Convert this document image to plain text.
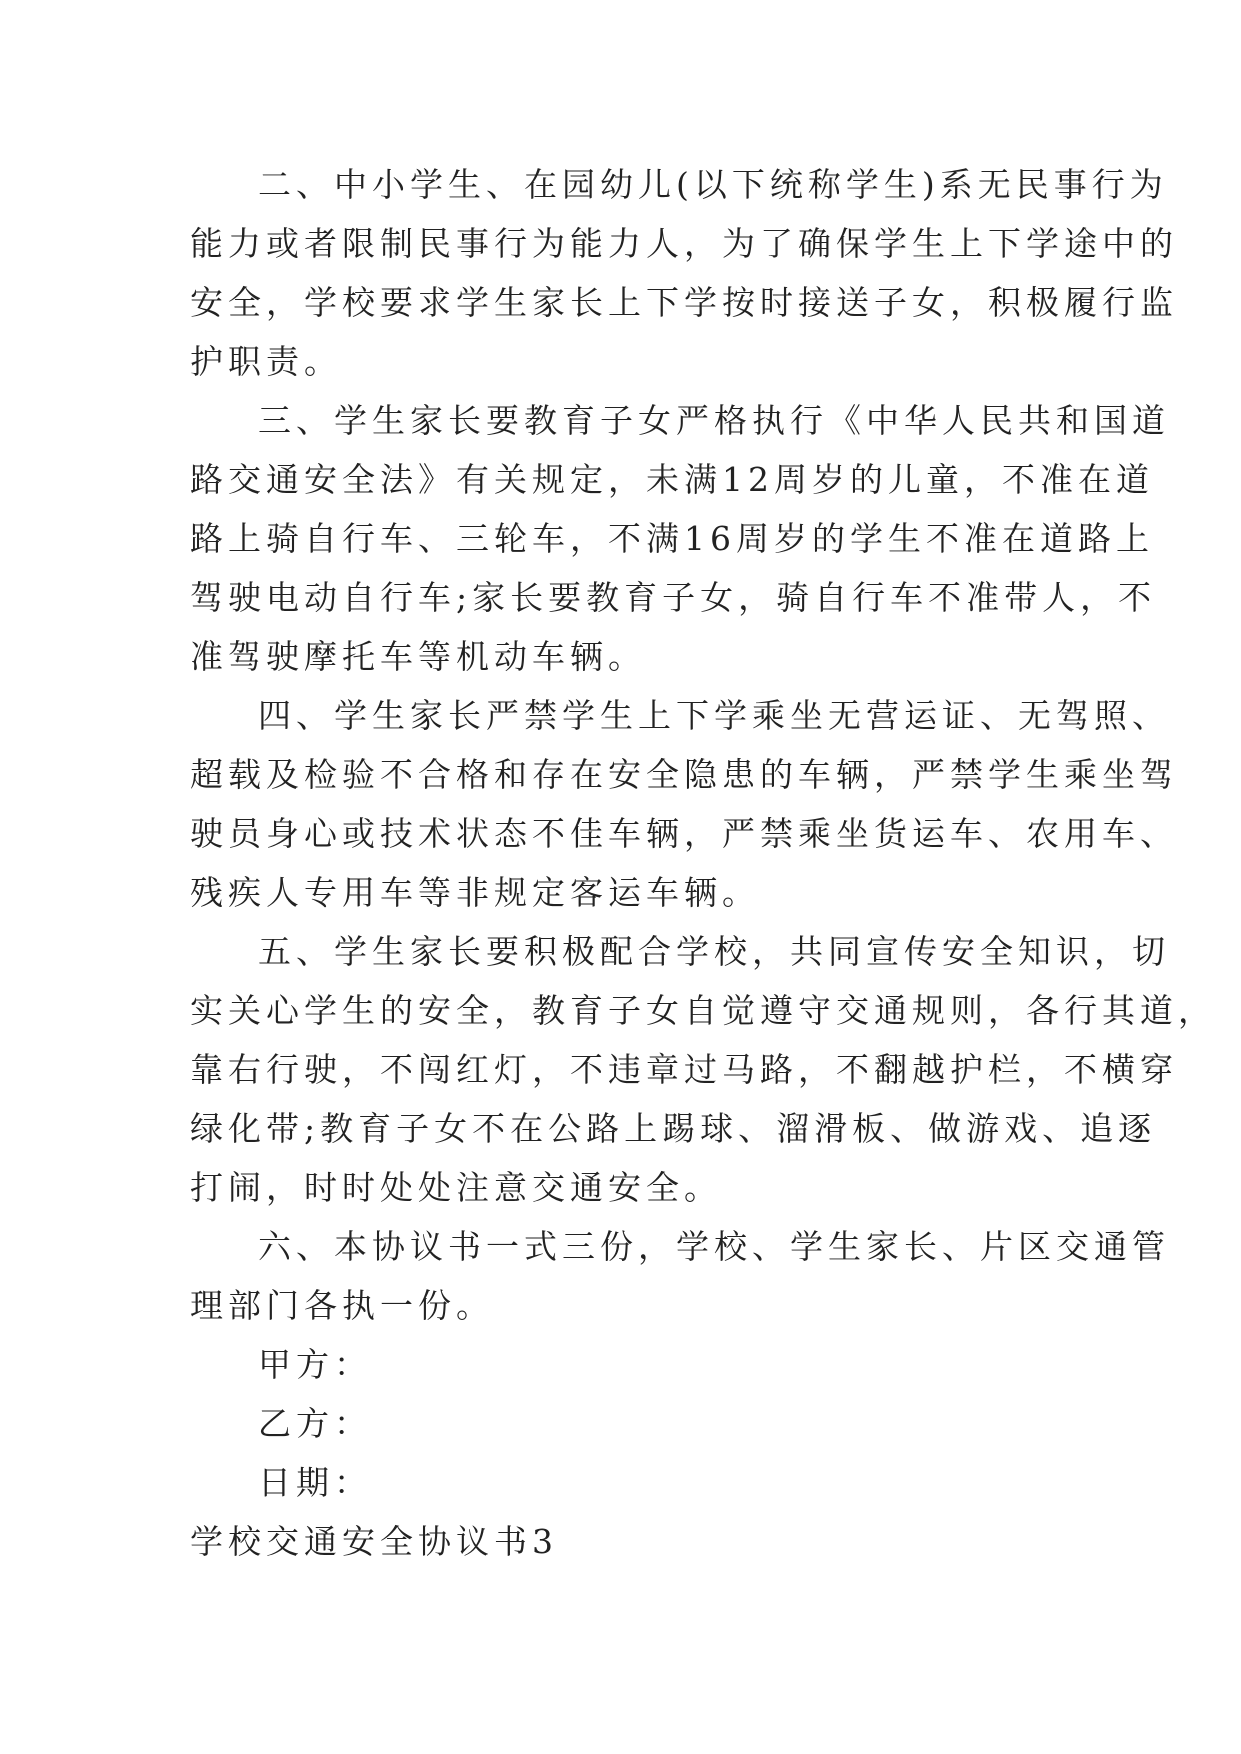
二、中小学生、在园幼儿(以下统称学生)系无民事行为
能力或者限制民事行为能力人，为了确保学生上下学途中的
安全，学校要求学生家长上下学按时接送子女，积极履行监
护职责。
三、学生家长要教育子女严格执行《中华人民共和国道
路交通安全法》有关规定，未满12周岁的儿童，不准在道
路上骑自行车、三轮车，不满16周岁的学生不准在道路上
驾驶电动自行车;家长要教育子女，骑自行车不准带人，不
准驾驶摩托车等机动车辆。
四、学生家长严禁学生上下学乘坐无营运证、无驾照、
超载及检验不合格和存在安全隐患的车辆，严禁学生乘坐驾
驶员身心或技术状态不佳车辆，严禁乘坐货运车、农用车、
残疾人专用车等非规定客运车辆。
五、学生家长要积极配合学校，共同宣传安全知识，切
实关心学生的安全，教育子女自觉遵守交通规则，各行其道，
靠右行驶，不闯红灯，不违章过马路，不翻越护栏，不横穿
绿化带;教育子女不在公路上踢球、溜滑板、做游戏、追逐
打闹，时时处处注意交通安全。
六、本协议书一式三份，学校、学生家长、片区交通管
理部门各执一份。
甲方：
乙方：
日期：
学校交通安全协议书3
